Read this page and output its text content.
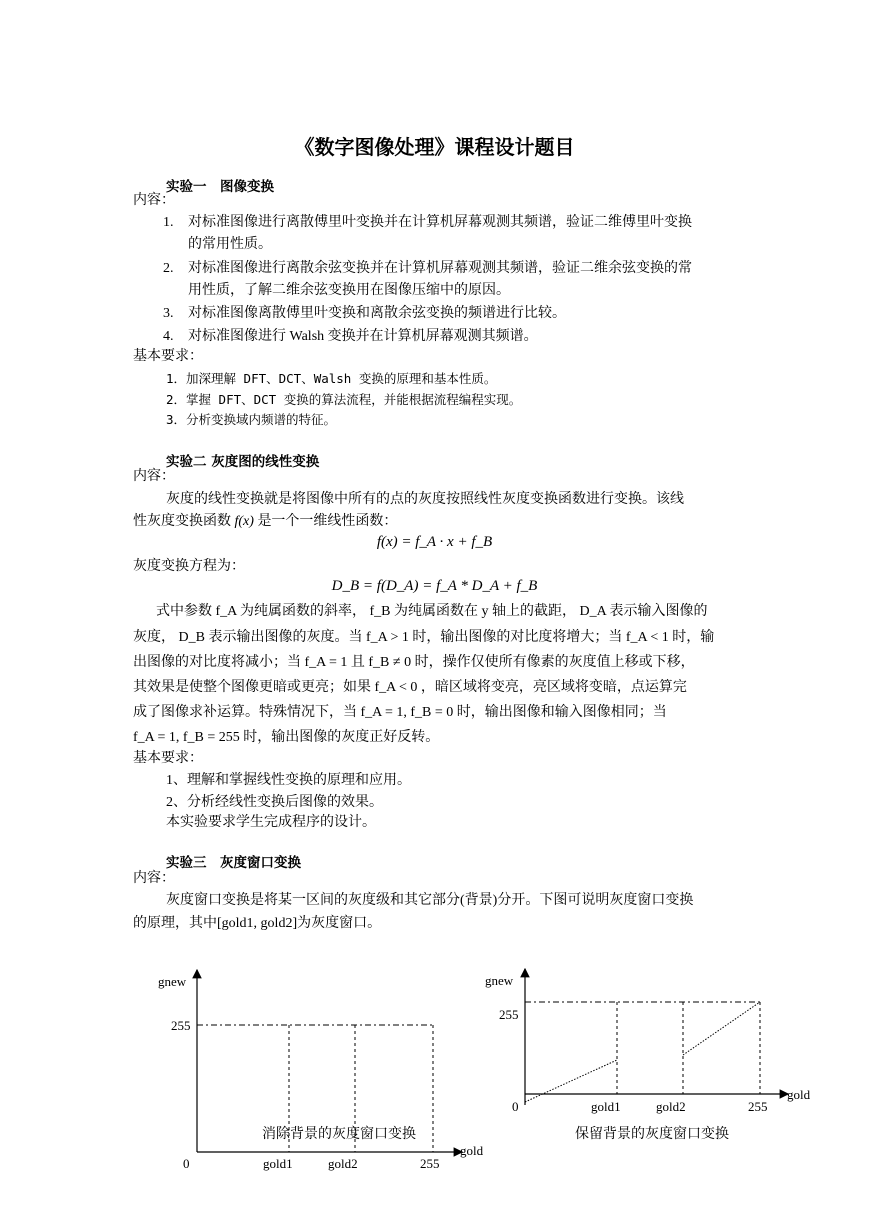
《数字图像处理》课程设计题目
实验一　图像变换
内容：
1. 对标准图像进行离散傅里叶变换并在计算机屏幕观测其频谱，验证二维傅里叶变换
的常用性质。
2. 对标准图像进行离散余弦变换并在计算机屏幕观测其频谱，验证二维余弦变换的常
用性质，了解二维余弦变换用在图像压缩中的原因。
3. 对标准图像离散傅里叶变换和离散余弦变换的频谱进行比较。
4. 对标准图像进行 Walsh 变换并在计算机屏幕观测其频谱。
基本要求：
1．加深理解 DFT、DCT、Walsh 变换的原理和基本性质。
2．掌握 DFT、DCT 变换的算法流程，并能根据流程编程实现。
3．分析变换域内频谱的特征。
实验二 灰度图的线性变换
内容：
灰度的线性变换就是将图像中所有的点的灰度按照线性灰度变换函数进行变换。该线
性灰度变换函数 f(x) 是一个一维线性函数：
f(x) = f_A · x + f_B
灰度变换方程为：
D_B = f(D_A) = f_A * D_A + f_B
式中参数 f_A 为纯属函数的斜率， f_B 为纯属函数在 y 轴上的截距， D_A 表示输入图像的
灰度， D_B 表示输出图像的灰度。当 f_A > 1 时，输出图像的对比度将增大；当 f_A < 1 时，输
出图像的对比度将减小；当 f_A = 1 且 f_B ≠ 0 时，操作仅使所有像素的灰度值上移或下移，
其效果是使整个图像更暗或更亮；如果 f_A < 0 ，暗区域将变亮，亮区域将变暗，点运算完
成了图像求补运算。特殊情况下，当 f_A = 1, f_B = 0 时，输出图像和输入图像相同；当
f_A = 1, f_B = 255 时，输出图像的灰度正好反转。
基本要求：
1、理解和掌握线性变换的原理和应用。
2、分析经线性变换后图像的效果。
本实验要求学生完成程序的设计。
实验三　灰度窗口变换
内容：
灰度窗口变换是将某一区间的灰度级和其它部分(背景)分开。下图可说明灰度窗口变换
的原理，其中[gold1, gold2]为灰度窗口。
gnew
255
gold
0	gold1	gold2	255
消除背景的灰度窗口变换
gnew
255
gold
0	gold1	gold2	255
保留背景的灰度窗口变换
